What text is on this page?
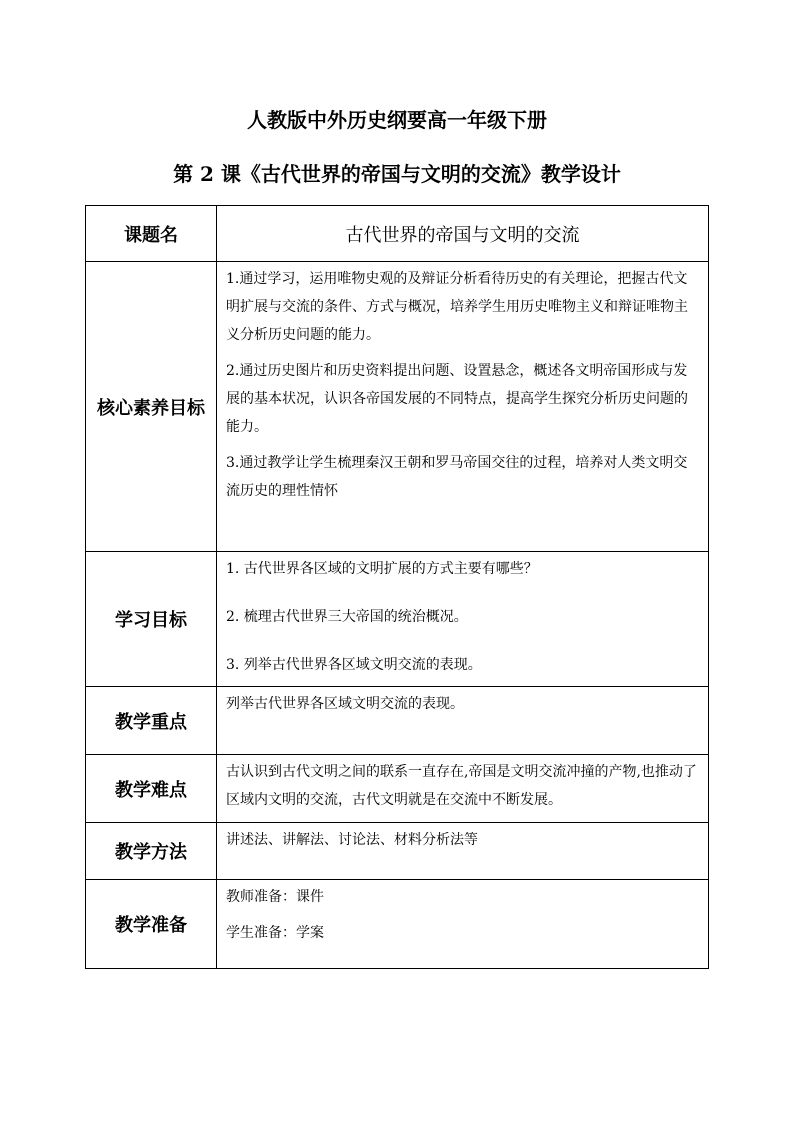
人教版中外历史纲要高一年级下册
第 2 课《古代世界的帝国与文明的交流》教学设计
课题名	古代世界的帝国与文明的交流
核心素养目标	1.通过学习，运用唯物史观的及辩证分析看待历史的有关理论，把握古代文明扩展与交流的条件、方式与概况，培养学生用历史唯物主义和辩证唯物主义分析历史问题的能力。

2.通过历史图片和历史资料提出问题、设置悬念，概述各文明帝国形成与发展的基本状况，认识各帝国发展的不同特点，提高学生探究分析历史问题的能力。

3.通过教学让学生梳理秦汉王朝和罗马帝国交往的过程，培养对人类文明交流历史的理性情怀

学习目标	1. 古代世界各区域的文明扩展的方式主要有哪些？

2. 梳理古代世界三大帝国的统治概况。

3. 列举古代世界各区域文明交流的表现。

教学重点	列举古代世界各区域文明交流的表现。

教学难点	古认识到古代文明之间的联系一直存在,帝国是文明交流冲撞的产物,也推动了区域内文明的交流，古代文明就是在交流中不断发展。

教学方法	讲述法、讲解法、讨论法、材料分析法等

教学准备	教师准备：课件

学生准备：学案
